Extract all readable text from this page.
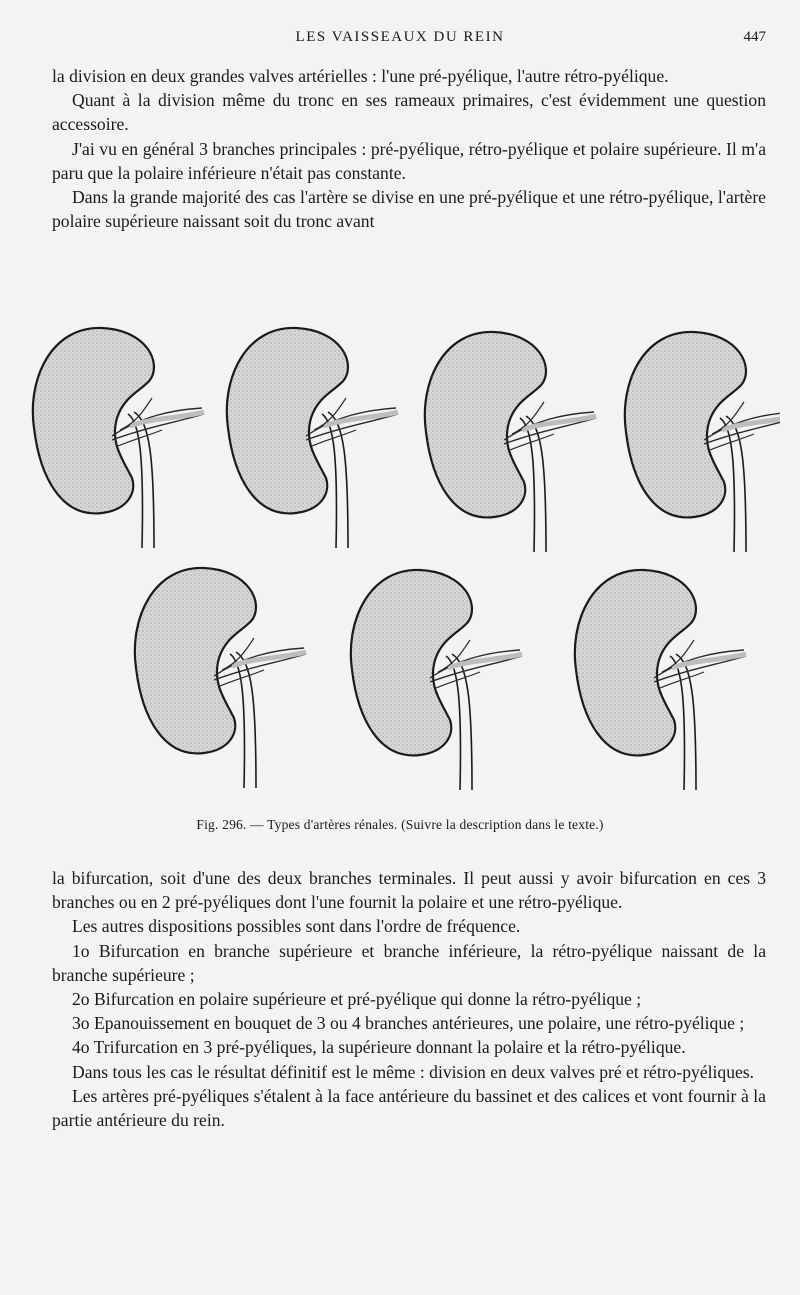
LES VAISSEAUX DU REIN	447

la division en deux grandes valves artérielles : l'une pré-pyélique, l'autre rétro-pyélique.

Quant à la division même du tronc en ses rameaux primaires, c'est évidemment une question accessoire.

J'ai vu en général 3 branches principales : pré-pyélique, rétro-pyélique et polaire supérieure. Il m'a paru que la polaire inférieure n'était pas constante.

Dans la grande majorité des cas l'artère se divise en une pré-pyélique et une rétro-pyélique, l'artère polaire supérieure naissant soit du tronc avant

Fig. 296. — Types d'artères rénales. (Suivre la description dans le texte.)

la bifurcation, soit d'une des deux branches terminales. Il peut aussi y avoir bifurcation en ces 3 branches ou en 2 pré-pyéliques dont l'une fournit la polaire et une rétro-pyélique.

Les autres dispositions possibles sont dans l'ordre de fréquence.

1o Bifurcation en branche supérieure et branche inférieure, la rétro-pyélique naissant de la branche supérieure ;

2o Bifurcation en polaire supérieure et pré-pyélique qui donne la rétro-pyélique ;

3o Epanouissement en bouquet de 3 ou 4 branches antérieures, une polaire, une rétro-pyélique ;

4o Trifurcation en 3 pré-pyéliques, la supérieure donnant la polaire et la rétro-pyélique.

Dans tous les cas le résultat définitif est le même : division en deux valves pré et rétro-pyéliques.

Les artères pré-pyéliques s'étalent à la face antérieure du bassinet et des calices et vont fournir à la partie antérieure du rein.
